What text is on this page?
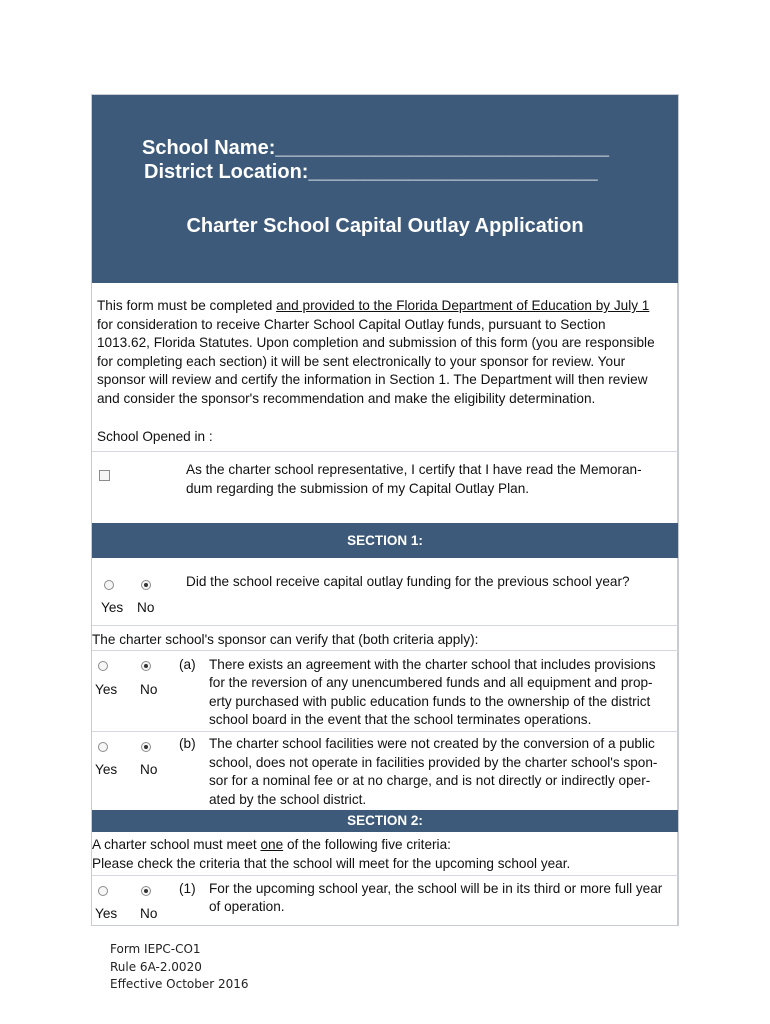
School Name:______________________________
District Location:__________________________
Charter School Capital Outlay Application
This form must be completed and provided to the Florida Department of Education by July 1
for consideration to receive Charter School Capital Outlay funds, pursuant to Section
1013.62, Florida Statutes. Upon completion and submission of this form (you are responsible
for completing each section) it will be sent electronically to your sponsor for review. Your
sponsor will review and certify the information in Section 1. The Department will then review
and consider the sponsor's recommendation and make the eligibility determination.
School Opened in :
As the charter school representative, I certify that I have read the Memoran-
dum regarding the submission of my Capital Outlay Plan.
SECTION 1:
Did the school receive capital outlay funding for the previous school year?
Yes No
The charter school's sponsor can verify that (both criteria apply):
Yes No
(a) There exists an agreement with the charter school that includes provisions
for the reversion of any unencumbered funds and all equipment and prop-
erty purchased with public education funds to the ownership of the district
school board in the event that the school terminates operations.
Yes No
(b) The charter school facilities were not created by the conversion of a public
school, does not operate in facilities provided by the charter school's spon-
sor for a nominal fee or at no charge, and is not directly or indirectly oper-
ated by the school district.
SECTION 2:
A charter school must meet one of the following five criteria:
Please check the criteria that the school will meet for the upcoming school year.
Yes No
(1) For the upcoming school year, the school will be in its third or more full year
of operation.
Form IEPC-CO1
Rule 6A-2.0020
Effective October 2016
